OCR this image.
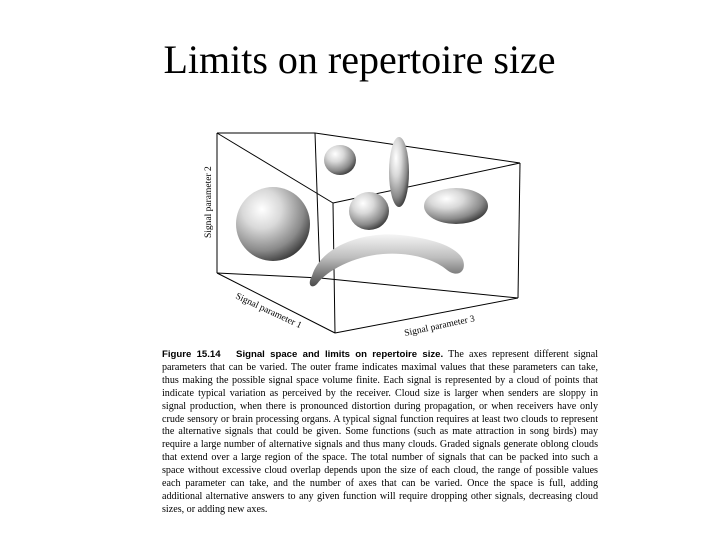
Limits on repertoire size
Signal parameter 2
Signal parameter 1	Signal parameter 3
Figure 15.14 Signal space and limits on repertoire size. The axes represent different signal parameters that can be varied. The outer frame indicates maximal values that these parameters can take, thus making the possible signal space volume finite. Each signal is represented by a cloud of points that indicate typical variation as perceived by the receiver. Cloud size is larger when senders are sloppy in signal production, when there is pronounced distortion during propagation, or when receivers have only crude sensory or brain processing organs. A typical signal function requires at least two clouds to represent the alternative signals that could be given. Some functions (such as mate attraction in song birds) may require a large number of alternative signals and thus many clouds. Graded signals generate oblong clouds that extend over a large region of the space. The total number of signals that can be packed into such a space without excessive cloud overlap depends upon the size of each cloud, the range of possible values each parameter can take, and the number of axes that can be varied. Once the space is full, adding additional alternative answers to any given function will require dropping other signals, decreasing cloud sizes, or adding new axes.
